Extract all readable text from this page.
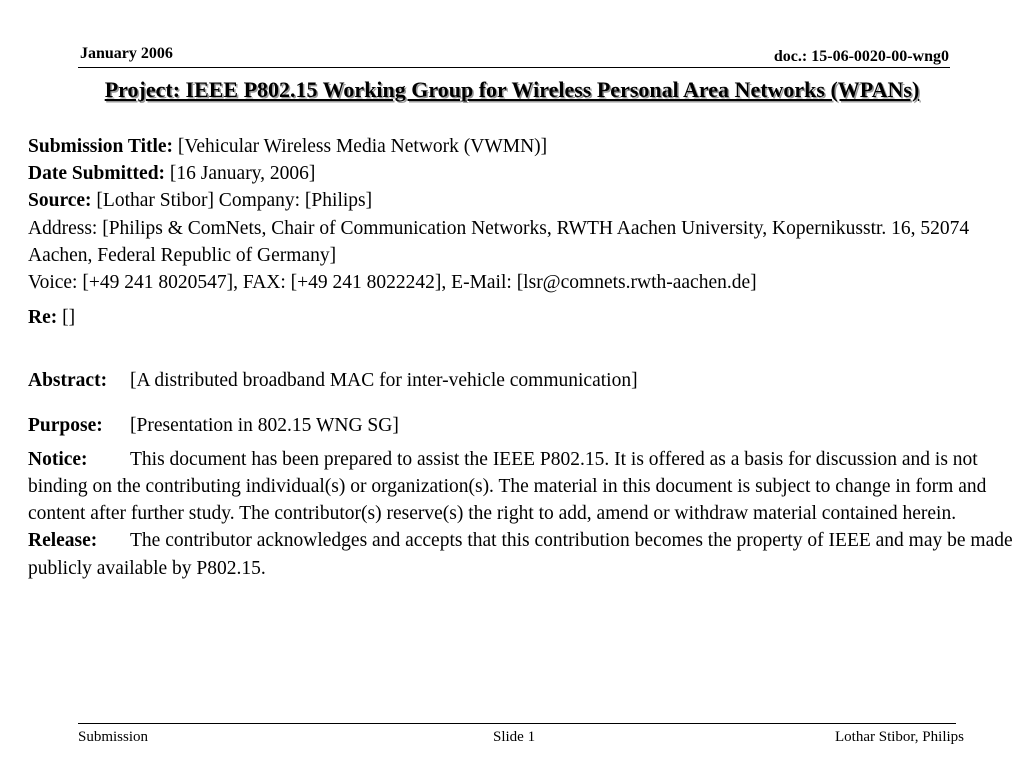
January 2006	doc.: 15-06-0020-00-wng0
Project: IEEE P802.15 Working Group for Wireless Personal Area Networks (WPANs)

Submission Title: [Vehicular Wireless Media Network (VWMN)]

Date Submitted: [16 January, 2006]

Source: [Lothar Stibor] Company: [Philips]

Address: [Philips & ComNets, Chair of Communication Networks, RWTH Aachen University, Kopernikusstr. 16, 52074 Aachen, Federal Republic of Germany]

Voice: [+49 241 8020547], FAX: [+49 241 8022242], E-Mail: [lsr@comnets.rwth-aachen.de]

Re: []

Abstract: [A distributed broadband MAC for inter-vehicle communication]

Purpose: [Presentation in 802.15 WNG SG]

Notice: This document has been prepared to assist the IEEE P802.15. It is offered as a basis for discussion and is not binding on the contributing individual(s) or organization(s). The material in this document is subject to change in form and content after further study. The contributor(s) reserve(s) the right to add, amend or withdraw material contained herein.

Release: The contributor acknowledges and accepts that this contribution becomes the property of IEEE and may be made publicly available by P802.15.

Submission	Slide 1	Lothar Stibor, Philips
